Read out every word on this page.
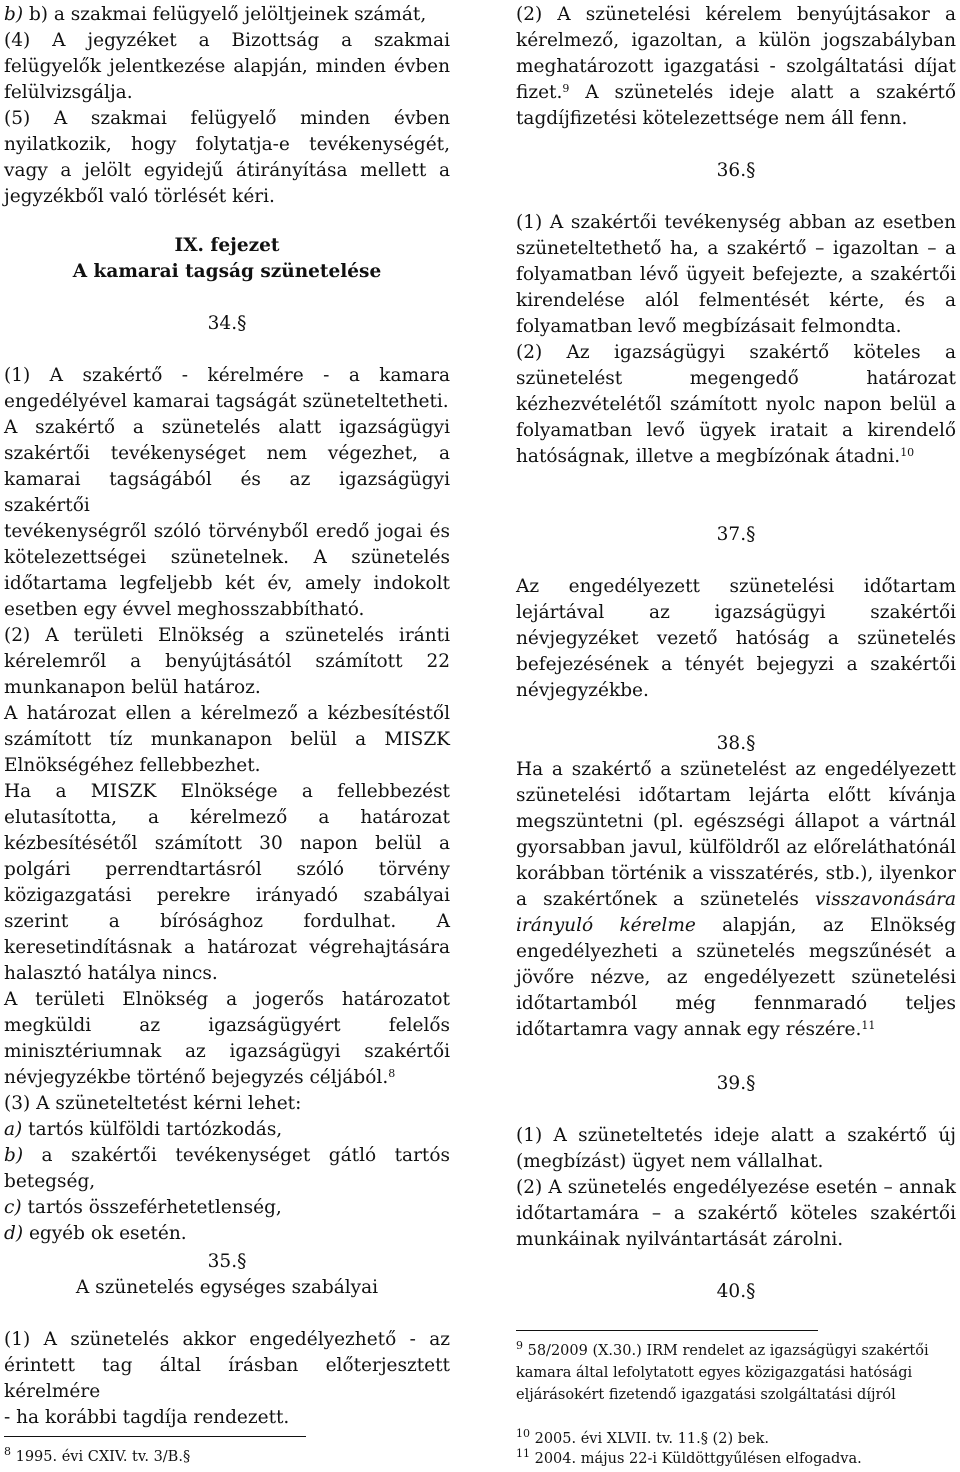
b) b) a szakmai felügyelő jelöltjeinek számát,
(4) A jegyzéket a Bizottság a szakmai
felügyelők jelentkezése alapján, minden évben
felülvizsgálja.
(5) A szakmai felügyelő minden évben
nyilatkozik, hogy folytatja-e tevékenységét,
vagy a jelölt egyidejű átirányítása mellett a
jegyzékből való törlését kéri.
IX. fejezet
A kamarai tagság szünetelése
34.§
(1) A szakértő - kérelmére - a kamara
engedélyével kamarai tagságát szüneteltetheti.
A szakértő a szünetelés alatt igazságügyi
szakértői tevékenységet nem végezhet, a
kamarai tagságából és az igazságügyi szakértői
tevékenységről szóló törvényből eredő jogai és
kötelezettségei szünetelnek. A szünetelés
időtartama legfeljebb két év, amely indokolt
esetben egy évvel meghosszabbítható.
(2) A területi Elnökség a szünetelés iránti
kérelemről a benyújtásától számított 22
munkanapon belül határoz.
A határozat ellen a kérelmező a kézbesítéstől
számított tíz munkanapon belül a MISZK
Elnökségéhez fellebbezhet.
Ha a MISZK Elnöksége a fellebbezést
elutasította, a kérelmező a határozat
kézbesítésétől számított 30 napon belül a
polgári perrendtartásról szóló törvény
közigazgatási perekre irányadó szabályai
szerint a bírósághoz fordulhat. A
keresetindításnak a határozat végrehajtására
halasztó hatálya nincs.
A területi Elnökség a jogerős határozatot
megküldi az igazságügyért felelős
minisztériumnak az igazságügyi szakértői
névjegyzékbe történő bejegyzés céljából.$^8$
(3) A szüneteltetést kérni lehet:
a) tartós külföldi tartózkodás,
b) a szakértői tevékenységet gátló tartós
betegség,
c) tartós összeférhetetlenség,
d) egyéb ok esetén.
35.§
A szünetelés egységes szabályai
(1) A szünetelés akkor engedélyezhető - az
érintett tag által írásban előterjesztett kérelmére
- ha korábbi tagdíja rendezett.
$^8$ 1995. évi CXIV. tv. 3/B.§
(2) A szünetelési kérelem benyújtásakor a
kérelmező, igazoltan, a külön jogszabályban
meghatározott igazgatási - szolgáltatási díjat
fizet.$^9$ A szünetelés ideje alatt a szakértő
tagdíjfizetési kötelezettsége nem áll fenn.
36.§
(1) A szakértői tevékenység abban az esetben
szüneteltethető ha, a szakértő – igazoltan – a
folyamatban lévő ügyeit befejezte, a szakértői
kirendelése alól felmentését kérte, és a
folyamatban levő megbízásait felmondta.
(2) Az igazságügyi szakértő köteles a
szünetelést megengedő határozat
kézhezvételétől számított nyolc napon belül a
folyamatban levő ügyek iratait a kirendelő
hatóságnak, illetve a megbízónak átadni.$^{10}$
37.§
Az engedélyezett szünetelési időtartam
lejártával az igazságügyi szakértői
névjegyzéket vezető hatóság a szünetelés
befejezésének a tényét bejegyzi a szakértői
névjegyzékbe.
38.§
Ha a szakértő a szünetelést az engedélyezett
szünetelési időtartam lejárta előtt kívánja
megszüntetni (pl. egészségi állapot a vártnál
gyorsabban javul, külföldről az előreláthatónál
korábban történik a visszatérés, stb.), ilyenkor
a szakértőnek a szünetelés visszavonására
irányuló kérelme alapján, az Elnökség
engedélyezheti a szünetelés megszűnését a
jövőre nézve, az engedélyezett szünetelési
időtartamból még fennmaradó teljes
időtartamra vagy annak egy részére.$^{11}$
39.§
(1) A szüneteltetés ideje alatt a szakértő új
(megbízást) ügyet nem vállalhat.
(2) A szünetelés engedélyezése esetén – annak
időtartamára – a szakértő köteles szakértői
munkáinak nyilvántartását zárolni.
40.§
$^9$ 58/2009 (X.30.) IRM rendelet az igazságügyi szakértői
kamara által lefolytatott egyes közigazgatási hatósági
eljárásokért fizetendő igazgatási szolgáltatási díjról
$^{10}$ 2005. évi XLVII. tv. 11.§ (2) bek.
$^{11}$ 2004. május 22-i Küldöttgyűlésen elfogadva.
